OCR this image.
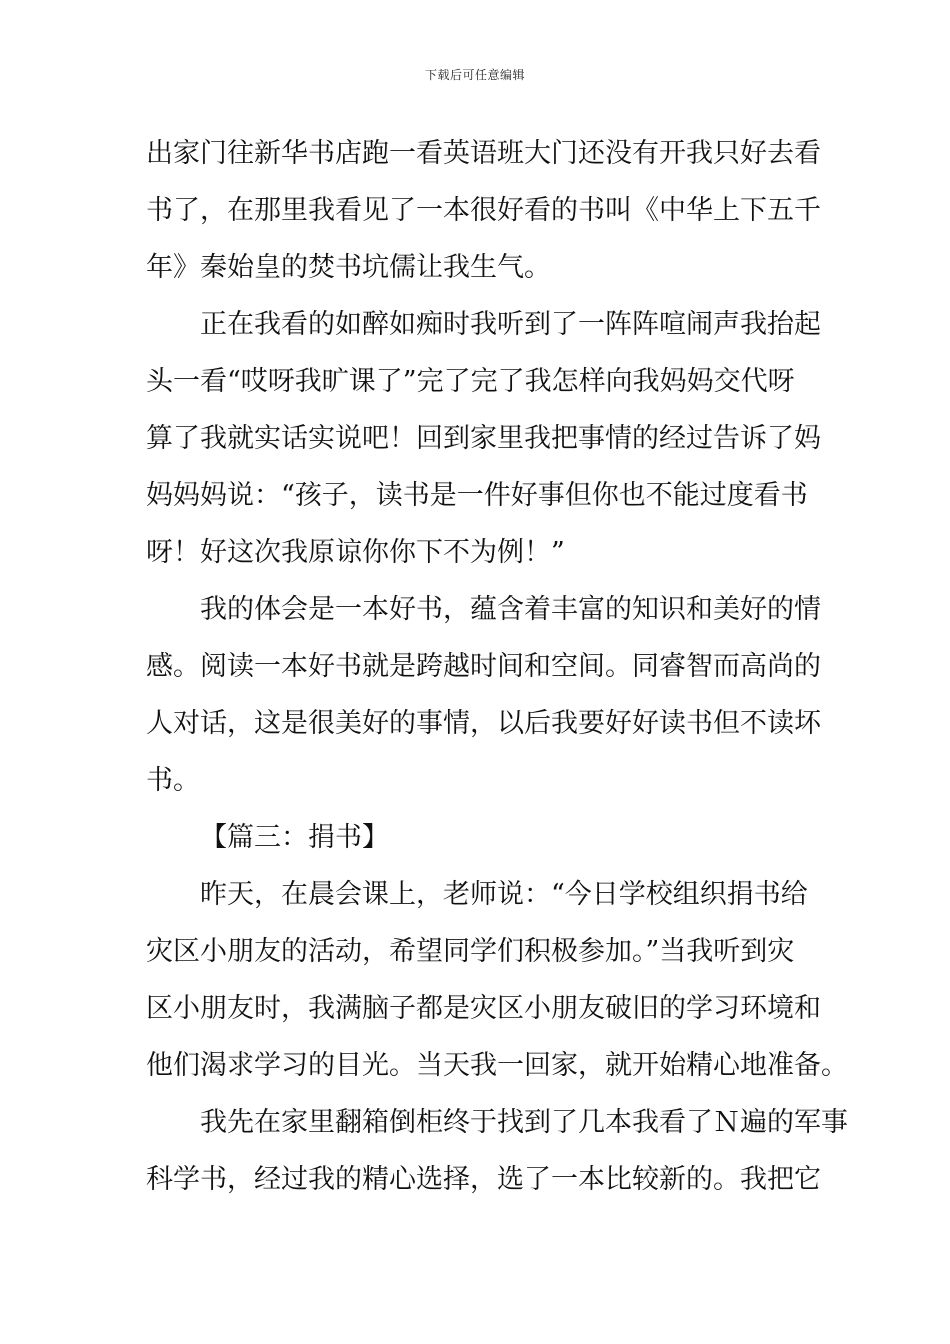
下载后可任意编辑
出家门往新华书店跑一看英语班大门还没有开我只好去看
书了，在那里我看见了一本很好看的书叫《中华上下五千
年》秦始皇的焚书坑儒让我生气。
正在我看的如醉如痴时我听到了一阵阵喧闹声我抬起
头一看“哎呀我旷课了”完了完了我怎样向我妈妈交代呀
算了我就实话实说吧！回到家里我把事情的经过告诉了妈
妈妈妈说：“孩子，读书是一件好事但你也不能过度看书
呀！好这次我原谅你你下不为例！”
我的体会是一本好书，蕴含着丰富的知识和美好的情
感。阅读一本好书就是跨越时间和空间。同睿智而高尚的
人对话，这是很美好的事情，以后我要好好读书但不读坏
书。
【篇三：捐书】
昨天，在晨会课上，老师说：“今日学校组织捐书给
灾区小朋友的活动，希望同学们积极参加。”当我听到灾
区小朋友时，我满脑子都是灾区小朋友破旧的学习环境和
他们渴求学习的目光。当天我一回家，就开始精心地准备。
我先在家里翻箱倒柜终于找到了几本我看了Ｎ遍的军事
科学书，经过我的精心选择，选了一本比较新的。我把它
